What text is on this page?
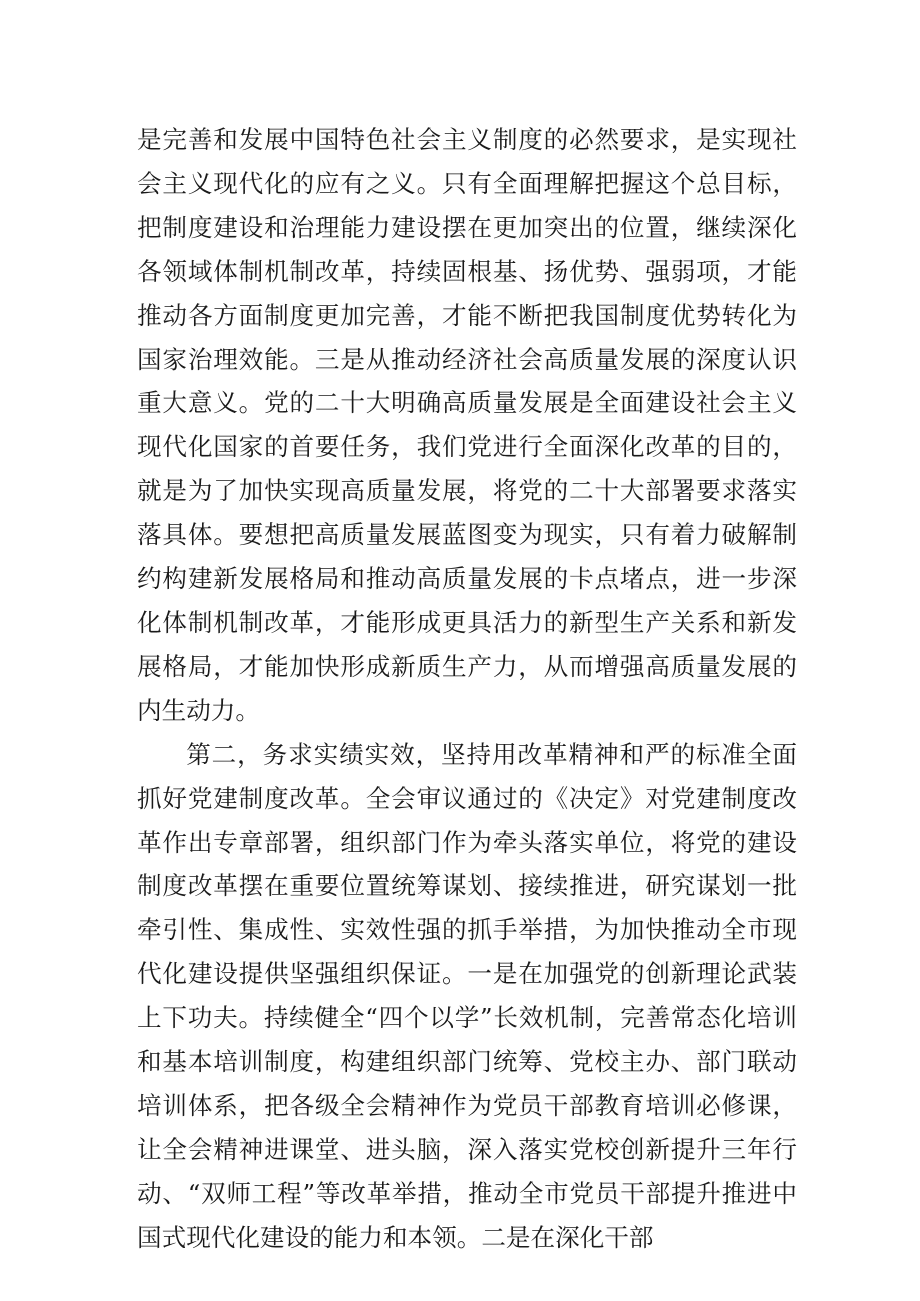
是完善和发展中国特色社会主义制度的必然要求，是实现社会主义现代化的应有之义。只有全面理解把握这个总目标，把制度建设和治理能力建设摆在更加突出的位置，继续深化各领域体制机制改革，持续固根基、扬优势、强弱项，才能推动各方面制度更加完善，才能不断把我国制度优势转化为国家治理效能。三是从推动经济社会高质量发展的深度认识重大意义。党的二十大明确高质量发展是全面建设社会主义现代化国家的首要任务，我们党进行全面深化改革的目的，就是为了加快实现高质量发展，将党的二十大部署要求落实落具体。要想把高质量发展蓝图变为现实，只有着力破解制约构建新发展格局和推动高质量发展的卡点堵点，进一步深化体制机制改革，才能形成更具活力的新型生产关系和新发展格局，才能加快形成新质生产力，从而增强高质量发展的内生动力。

第二，务求实绩实效，坚持用改革精神和严的标准全面抓好党建制度改革。全会审议通过的《决定》对党建制度改革作出专章部署，组织部门作为牵头落实单位，将党的建设制度改革摆在重要位置统筹谋划、接续推进，研究谋划一批牵引性、集成性、实效性强的抓手举措，为加快推动全市现代化建设提供坚强组织保证。一是在加强党的创新理论武装上下功夫。持续健全“四个以学”长效机制，完善常态化培训和基本培训制度，构建组织部门统筹、党校主办、部门联动培训体系，把各级全会精神作为党员干部教育培训必修课，让全会精神进课堂、进头脑，深入落实党校创新提升三年行动、“双师工程”等改革举措，推动全市党员干部提升推进中国式现代化建设的能力和本领。二是在深化干部
